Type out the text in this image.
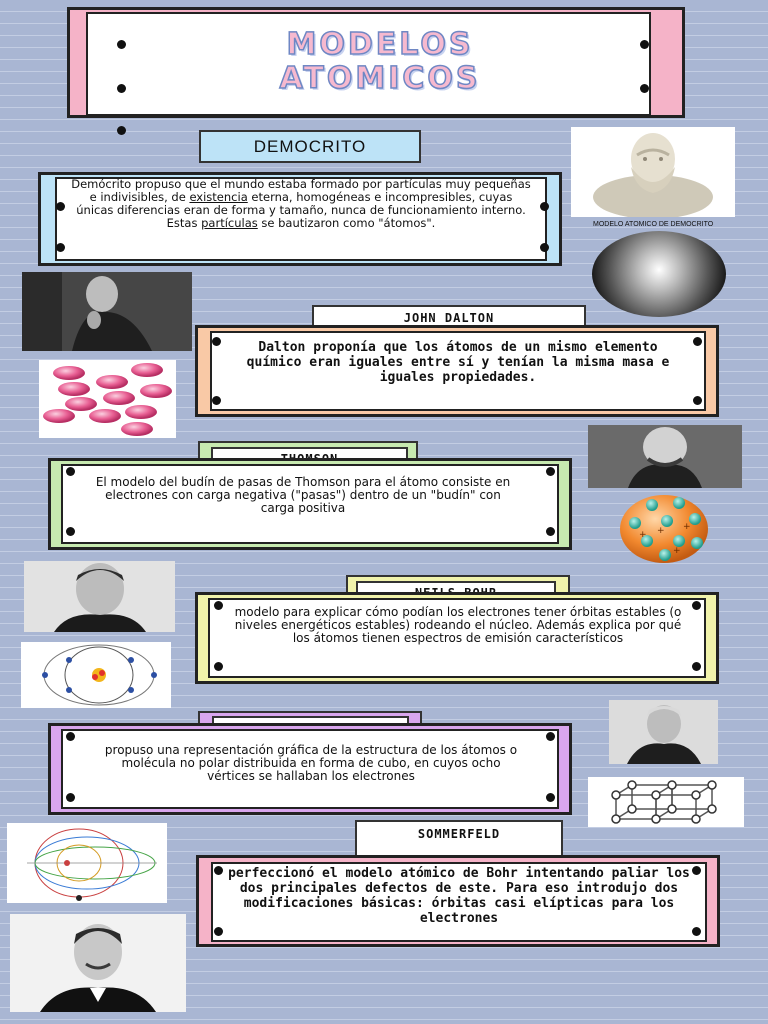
MODELOS
ATOMICOS
DEMOCRITO
Demócrito propuso que el mundo estaba formado por partículas muy pequeñas e indivisibles, de existencia eterna, homogéneas e incompresibles, cuyas únicas diferencias eran de forma y tamaño, nunca de funcionamiento interno. Estas partículas se bautizaron como "átomos".	MODELO ATOMICO DE DEMOCRITO
JOHN DALTON
Dalton proponía que los átomos de un mismo elemento químico eran iguales entre sí y tenían la misma masa e iguales propiedades.
+ +
+
+
El modelo del budín de pasas de Thomson para el átomo consiste en electrones con carga negativa ("pasas") dentro de un "budín" con carga positiva
modelo para explicar cómo podían los electrones tener órbitas estables (o niveles energéticos estables) rodeando el núcleo. Además explica por qué los átomos tienen espectros de emisión característicos
propuso una representación gráfica de la estructura de los átomos o molécula no polar distribuida en forma de cubo, en cuyos ocho vértices se hallaban los electrones
SOMMERFELD
perfeccionó el modelo atómico de Bohr intentando paliar los dos principales defectos de este. Para eso introdujo dos modificaciones básicas: órbitas casi elípticas para los electrones
